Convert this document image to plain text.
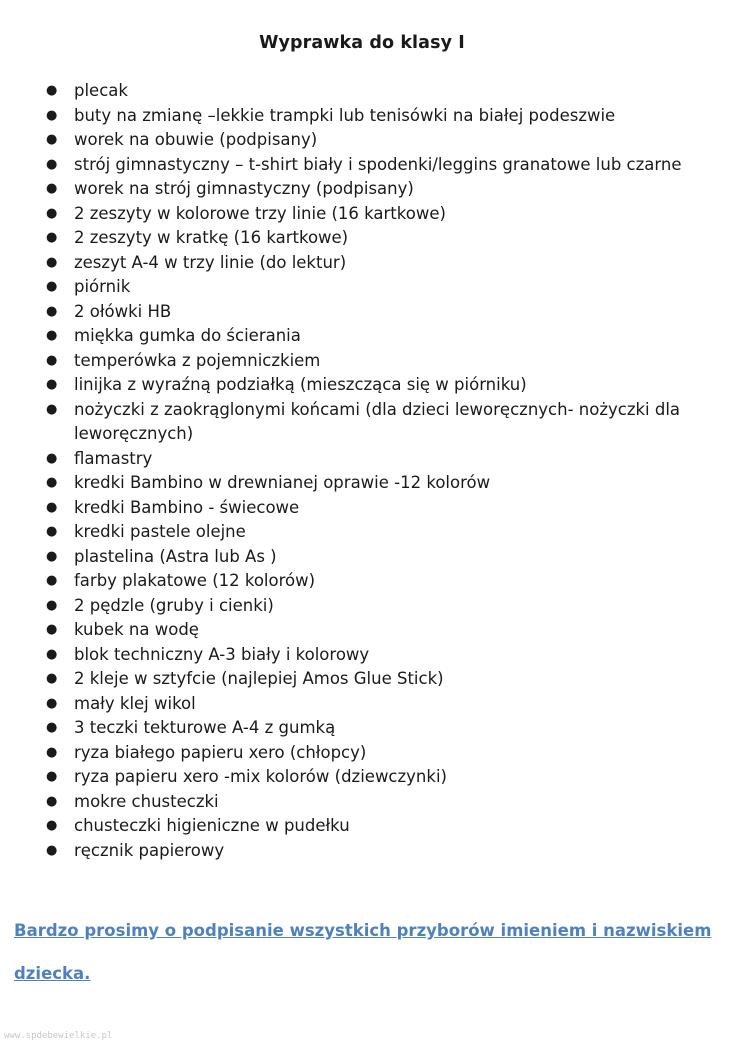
Wyprawka do klasy I
● plecak
● buty na zmianę –lekkie trampki lub tenisówki na białej podeszwie
● worek na obuwie (podpisany)
● strój gimnastyczny – t-shirt biały i spodenki/leggins granatowe lub czarne
● worek na strój gimnastyczny (podpisany)
● 2 zeszyty w kolorowe trzy linie (16 kartkowe)
● 2 zeszyty w kratkę (16 kartkowe)
● zeszyt A-4 w trzy linie (do lektur)
● piórnik
● 2 ołówki HB
● miękka gumka do ścierania
● temperówka z pojemniczkiem
● linijka z wyraźną podziałką (mieszcząca się w piórniku)
● nożyczki z zaokrąglonymi końcami (dla dzieci leworęcznych- nożyczki dla leworęcznych)
● flamastry
● kredki Bambino w drewnianej oprawie -12 kolorów
● kredki Bambino - świecowe
● kredki pastele olejne
● plastelina (Astra lub As )
● farby plakatowe (12 kolorów)
● 2 pędzle (gruby i cienki)
● kubek na wodę
● blok techniczny A-3 biały i kolorowy
● 2 kleje w sztyfcie (najlepiej Amos Glue Stick)
● mały klej wikol
● 3 teczki tekturowe A-4 z gumką
● ryza białego papieru xero (chłopcy)
● ryza papieru xero -mix kolorów (dziewczynki)
● mokre chusteczki
● chusteczki higieniczne w pudełku
● ręcznik papierowy
Bardzo prosimy o podpisanie wszystkich przyborów imieniem i nazwiskiem
dziecka.
www.spdebewielkie.pl
